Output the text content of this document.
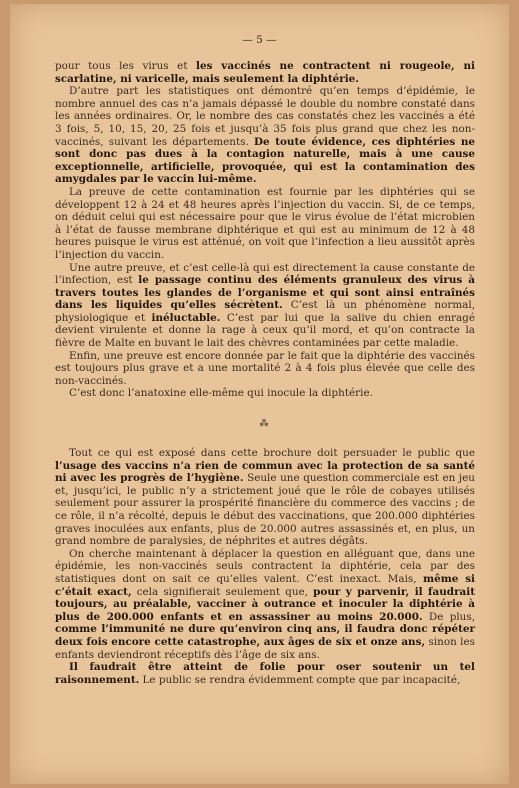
— 5 —

pour tous les virus et les vaccinés ne contractent ni rougeole, ni scarlatine, ni varicelle, mais seulement la diphtérie.

D’autre part les statistiques ont démontré qu’en temps d’épidémie, le nombre annuel des cas n’a jamais dépassé le double du nombre constaté dans les années ordinaires. Or, le nombre des cas constatés chez les vaccinés a été 3 fois, 5, 10, 15, 20, 25 fois et jusqu’à 35 fois plus grand que chez les non-vaccinés, suivant les départements. De toute évidence, ces diphtéries ne sont donc pas dues à la contagion naturelle, mais à une cause exceptionnelle, artificielle, provoquée, qui est la contamination des amygdales par le vaccin lui-même.

La preuve de cette contamination est fournie par les diphtéries qui se développent 12 à 24 et 48 heures après l’injection du vaccin. Si, de ce temps, on déduit celui qui est nécessaire pour que le virus évolue de l’état microbien à l’état de fausse membrane diphtérique et qui est au minimum de 12 à 48 heures puisque le virus est atténué, on voit que l’infection a lieu aussitôt après l’injection du vaccin.

Une autre preuve, et c’est celle-là qui est directement la cause constante de l’infection, est le passage continu des éléments granuleux des virus à travers toutes les glandes de l’organisme et qui sont ainsi entraînés dans les liquides qu’elles sécrètent. C’est là un phénomène normal, physiologique et inéluctable. C’est par lui que la salive du chien enragé devient virulente et donne la rage à ceux qu’il mord, et qu’on contracte la fièvre de Malte en buvant le lait des chèvres contaminées par cette maladie.

Enfin, une preuve est encore donnée par le fait que la diphtérie des vaccinés est toujours plus grave et a une mortalité 2 à 4 fois plus élevée que celle des non-vaccinés.

C’est donc l’anatoxine elle-même qui inocule la diphtérie.

⁂

Tout ce qui est exposé dans cette brochure doit persuader le public que l’usage des vaccins n’a rien de commun avec la protection de sa santé ni avec les progrès de l’hygiène. Seule une question commerciale est en jeu et, jusqu’ici, le public n’y a strictement joué que le rôle de cobayes utilisés seulement pour assurer la prospérité financière du commerce des vaccins ; de ce rôle, il n’a récolté, depuis le début des vaccinations, que 200.000 diphtéries graves inoculées aux enfants, plus de 20.000 autres assassinés et, en plus, un grand nombre de paralysies, de néphrites et autres dégâts.

On cherche maintenant à déplacer la question en alléguant que, dans une épidémie, les non-vaccinés seuls contractent la diphtérie, cela par des statistiques dont on sait ce qu’elles valent. C’est inexact. Mais, même si c’était exact, cela signifierait seulement que, pour y parvenir, il faudrait toujours, au préalable, vacciner à outrance et inoculer la diphtérie à plus de 200.000 enfants et en assassiner au moins 20.000. De plus, comme l’immunité ne dure qu’environ cinq ans, il faudra donc répéter deux fois encore cette catastrophe, aux âges de six et onze ans, sinon les enfants deviendront réceptifs dès l’âge de six ans.

Il faudrait être atteint de folie pour oser soutenir un tel raisonnement. Le public se rendra évidemment compte que par incapacité,
